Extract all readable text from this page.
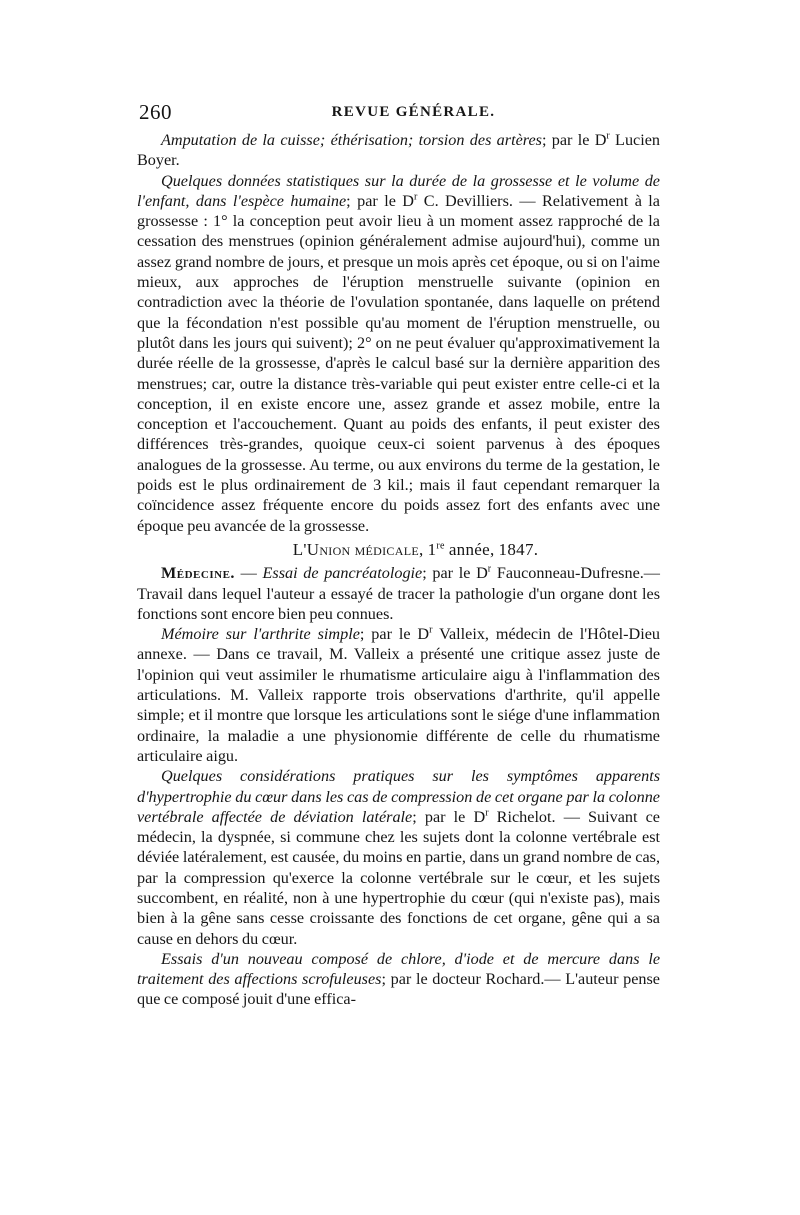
260	REVUE GÉNÉRALE.

Amputation de la cuisse; éthérisation; torsion des artères; par le $D^r$ Lucien Boyer.

Quelques données statistiques sur la durée de la grossesse et le volume de l'enfant, dans l'espèce humaine; par le $D^r$ C. Devilliers. — Relativement à la grossesse : 1° la conception peut avoir lieu à un moment assez rapproché de la cessation des menstrues (opinion généralement admise aujourd'hui), comme un assez grand nombre de jours, et presque un mois après cet époque, ou si on l'aime mieux, aux approches de l'éruption menstruelle suivante (opinion en contradiction avec la théorie de l'ovulation spontanée, dans laquelle on prétend que la fécondation n'est possible qu'au moment de l'éruption menstruelle, ou plutôt dans les jours qui suivent); 2° on ne peut évaluer qu'approximativement la durée réelle de la grossesse, d'après le calcul basé sur la dernière apparition des menstrues; car, outre la distance très-variable qui peut exister entre celle-ci et la conception, il en existe encore une, assez grande et assez mobile, entre la conception et l'accouchement. Quant au poids des enfants, il peut exister des différences très-grandes, quoique ceux-ci soient parvenus à des époques analogues de la grossesse. Au terme, ou aux environs du terme de la gestation, le poids est le plus ordinairement de 3 kil.; mais il faut cependant remarquer la coïncidence assez fréquente encore du poids assez fort des enfants avec une époque peu avancée de la grossesse.

L'Union médicale, 1re année, 1847.

Médecine. — Essai de pancréatologie; par le $D^r$ Fauconneau-Dufresne.—Travail dans lequel l'auteur a essayé de tracer la pathologie d'un organe dont les fonctions sont encore bien peu connues.

Mémoire sur l'arthrite simple; par le $D^r$ Valleix, médecin de l'Hôtel-Dieu annexe. — Dans ce travail, M. Valleix a présenté une critique assez juste de l'opinion qui veut assimiler le rhumatisme articulaire aigu à l'inflammation des articulations. M. Valleix rapporte trois observations d'arthrite, qu'il appelle simple; et il montre que lorsque les articulations sont le siége d'une inflammation ordinaire, la maladie a une physionomie différente de celle du rhumatisme articulaire aigu.

Quelques considérations pratiques sur les symptômes apparents d'hypertrophie du cœur dans les cas de compression de cet organe par la colonne vertébrale affectée de déviation latérale; par le $D^r$ Richelot. — Suivant ce médecin, la dyspnée, si commune chez les sujets dont la colonne vertébrale est déviée latéralement, est causée, du moins en partie, dans un grand nombre de cas, par la compression qu'exerce la colonne vertébrale sur le cœur, et les sujets succombent, en réalité, non à une hypertrophie du cœur (qui n'existe pas), mais bien à la gêne sans cesse croissante des fonctions de cet organe, gêne qui a sa cause en dehors du cœur.

Essais d'un nouveau composé de chlore, d'iode et de mercure dans le traitement des affections scrofuleuses; par le docteur Rochard.— L'auteur pense que ce composé jouit d'une effica-
